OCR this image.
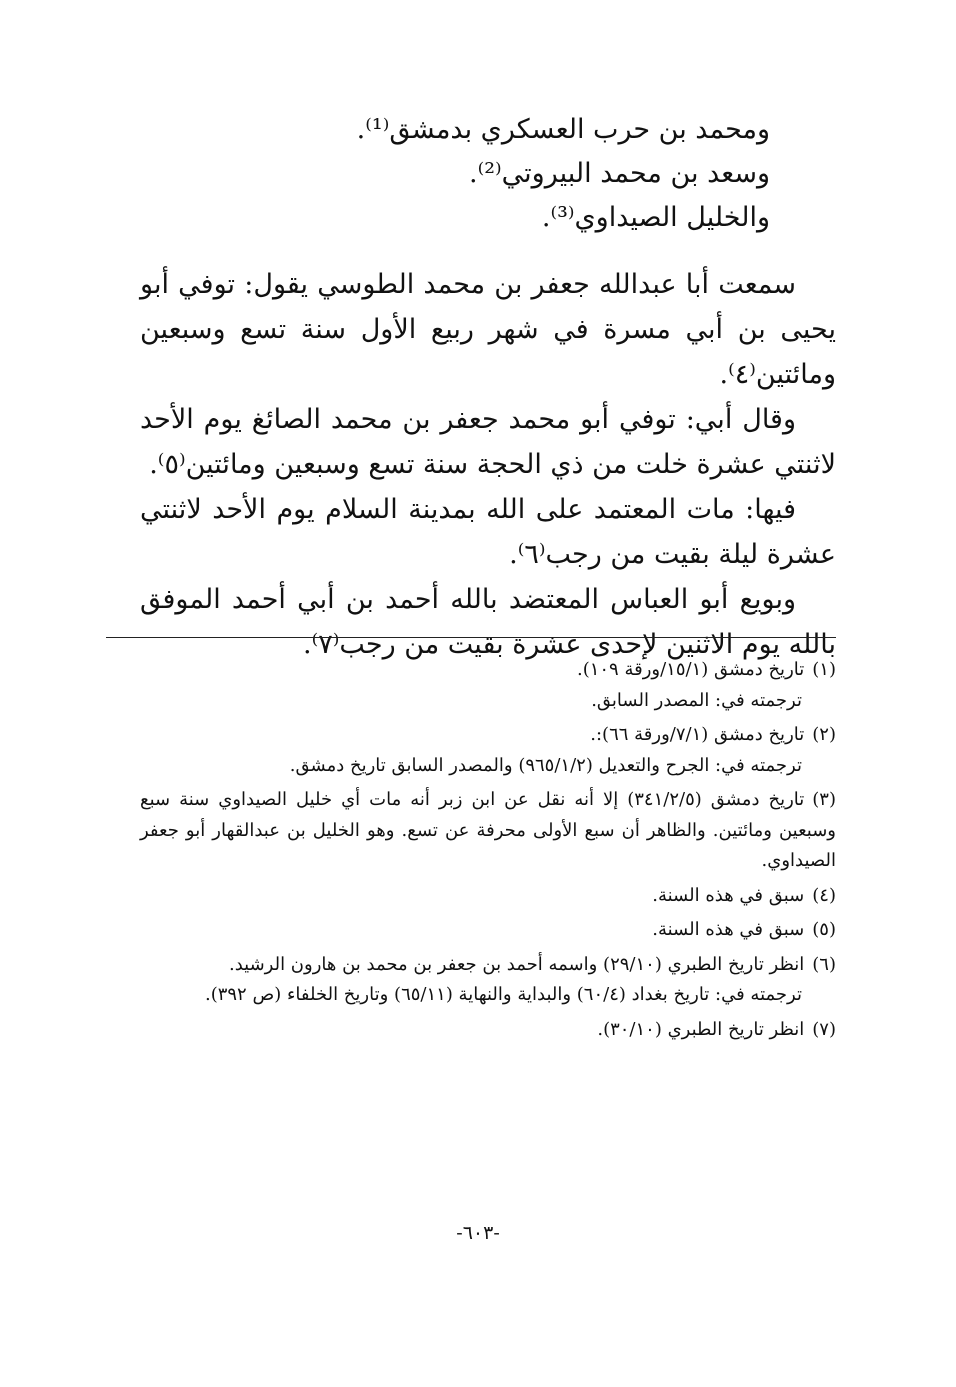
ومحمد بن حرب العسكري بدمشق⁽¹⁾.
وسعد بن محمد البيروتي⁽²⁾.
والخليل الصيداوي⁽³⁾.

سمعت أبا عبدالله جعفر بن محمد الطوسي يقول: توفي أبو يحيى بن أبي مسرة في شهر ربيع الأول سنة تسع وسبعين ومائتين⁽٤⁾.

وقال أبي: توفي أبو محمد جعفر بن محمد الصائغ يوم الأحد لاثنتي عشرة خلت من ذي الحجة سنة تسع وسبعين ومائتين⁽٥⁾.

فيها: مات المعتمد على الله بمدينة السلام يوم الأحد لاثنتي عشرة ليلة بقيت من رجب⁽٦⁾.

وبويع أبو العباس المعتضد بالله أحمد بن أبي أحمد الموفق بالله يوم الاثنين لإحدى عشرة بقيت من رجب⁽٧⁾.

(١)تاريخ دمشق (١٥/١/ورقة ١٠٩).
ترجمته في: المصدر السابق.
(٢)تاريخ دمشق (٧/١/ورقة ٦٦):.
ترجمته في: الجرح والتعديل (٩٦٥/١/٢) والمصدر السابق تاريخ دمشق.
(٣)تاريخ دمشق (٣٤١/٢/٥) إلا أنه نقل عن ابن زبر أنه مات أي خليل الصيداوي سنة سبع وسبعين ومائتين. والظاهر أن سبع الأولى محرفة عن تسع. وهو الخليل بن عبدالقهار أبو جعفر الصيداوي.
(٤)سبق في هذه السنة.
(٥)سبق في هذه السنة.
(٦)انظر تاريخ الطبري (٢٩/١٠) واسمه أحمد بن جعفر بن محمد بن هارون الرشيد.
ترجمته في: تاريخ بغداد (٦٠/٤) والبداية والنهاية (٦٥/١١) وتاريخ الخلفاء (ص ٣٩٢).
(٧)انظر تاريخ الطبري (٣٠/١٠).
-٦٠٣-
